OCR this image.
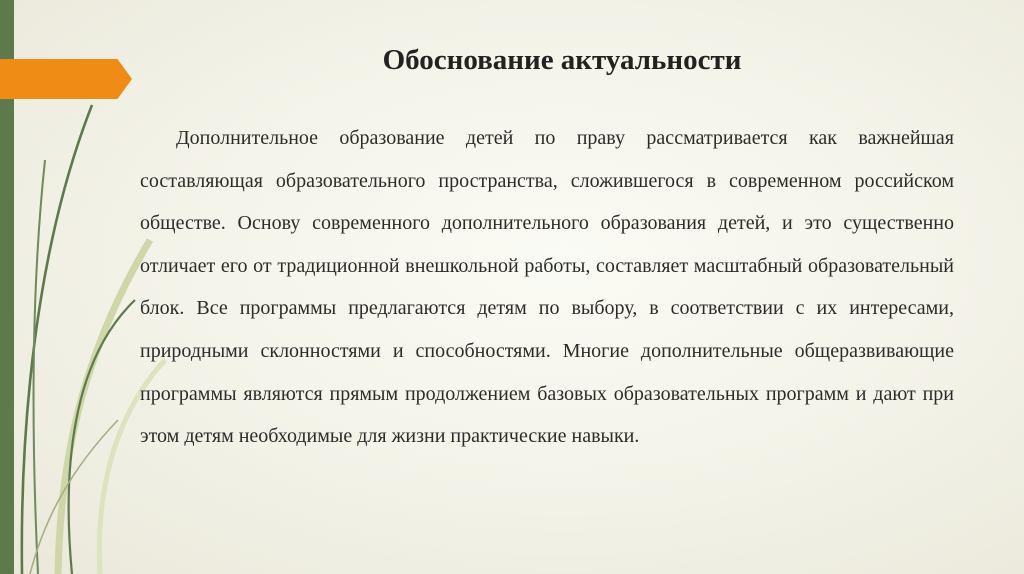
Обоснование актуальности

Дополнительное образование детей по праву рассматривается как важнейшая составляющая образовательного пространства, сложившегося в современном российском обществе. Основу современного дополнительного образования детей, и это существенно отличает его от традиционной внешкольной работы, составляет масштабный образовательный блок. Все программы предлагаются детям по выбору, в соответствии с их интересами, природными склонностями и способностями. Многие дополнительные общеразвивающие программы являются прямым продолжением базовых образовательных программ и дают при этом детям необходимые для жизни практические навыки.
